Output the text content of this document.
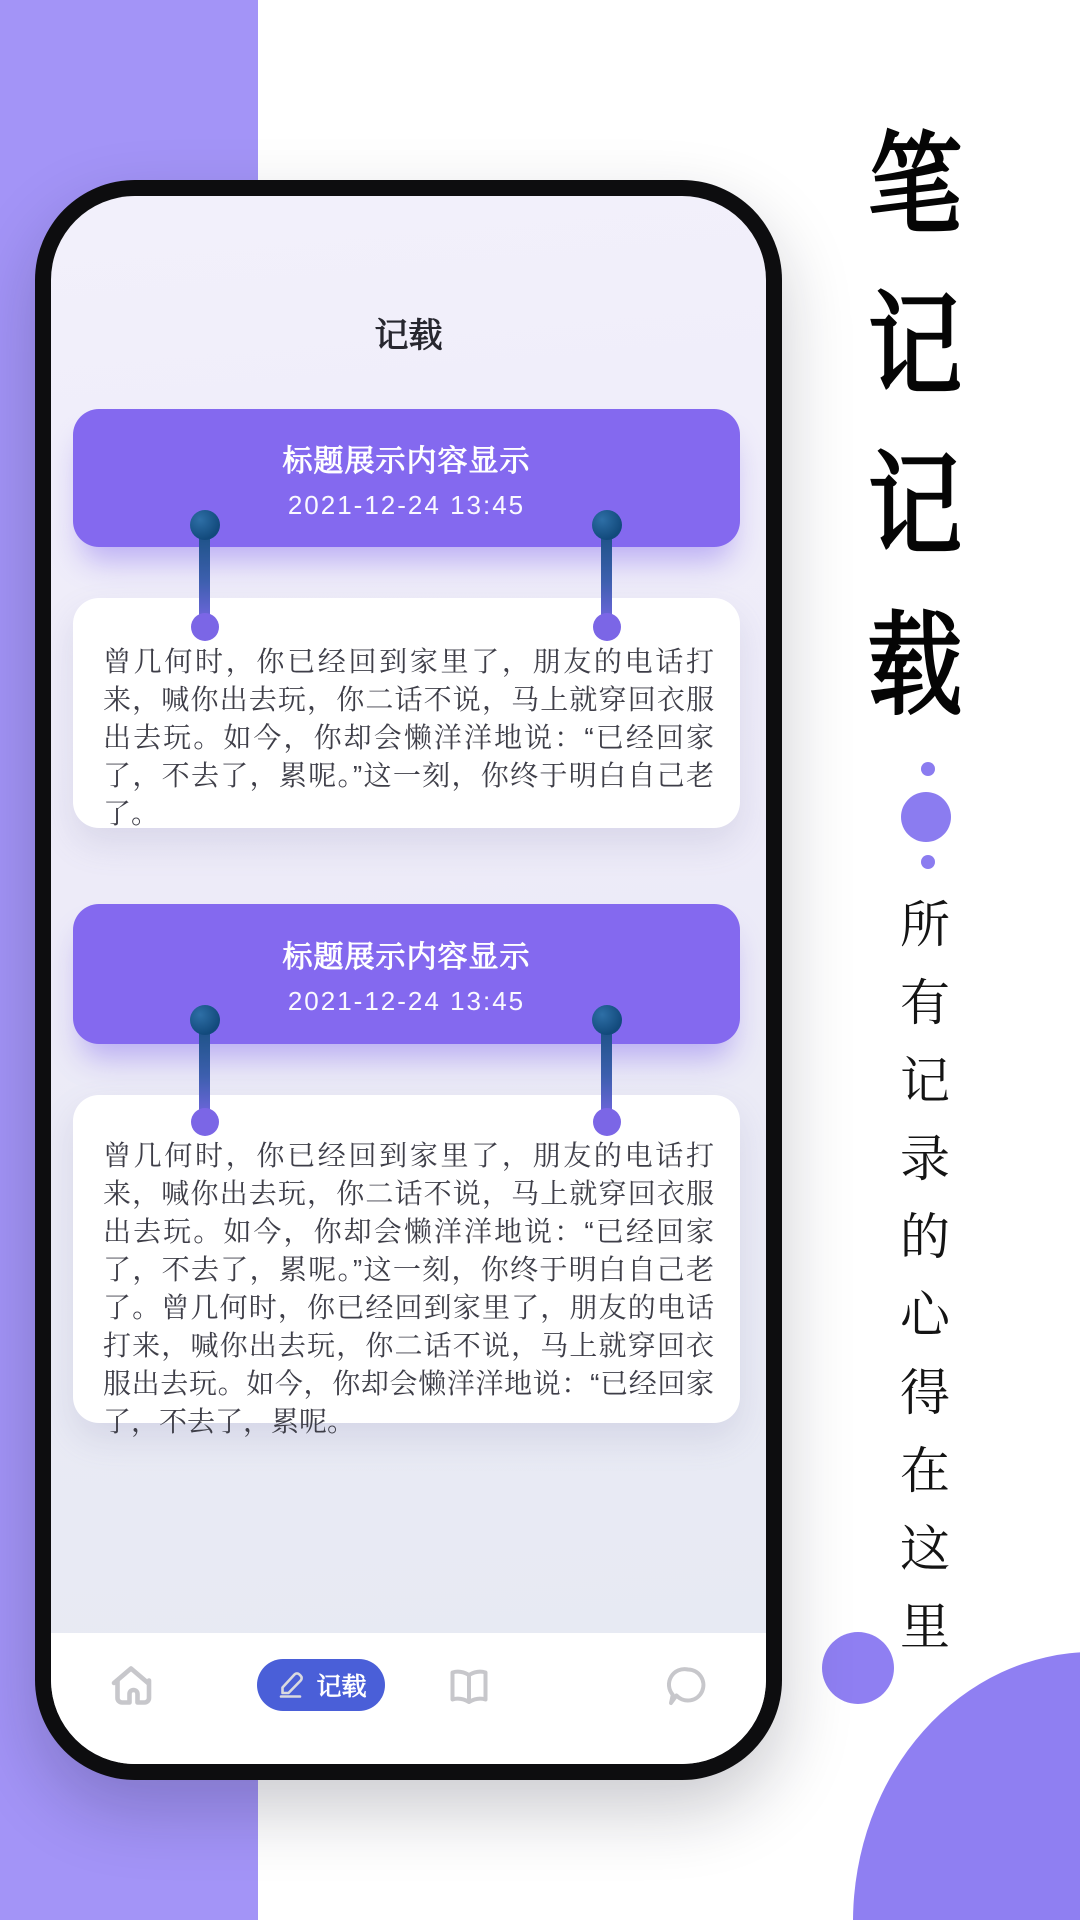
笔
记
记
载
所
有
记
录
的
心
得
在
这
里
记载
标题展示内容显示
2021-12-24 13:45
曾几何时，你已经回到家里了，朋友的电话打来，喊你出去玩，你二话不说，马上就穿回衣服出去玩。如今，你却会懒洋洋地说：“已经回家了，不去了，累呢。”这一刻，你终于明白自己老了。
标题展示内容显示
2021-12-24 13:45
曾几何时，你已经回到家里了，朋友的电话打来，喊你出去玩，你二话不说，马上就穿回衣服出去玩。如今，你却会懒洋洋地说：“已经回家了，不去了，累呢。”这一刻，你终于明白自己老了。曾几何时，你已经回到家里了，朋友的电话打来，喊你出去玩，你二话不说，马上就穿回衣服出去玩。如今，你却会懒洋洋地说：“已经回家了，不去了，累呢。
记载
